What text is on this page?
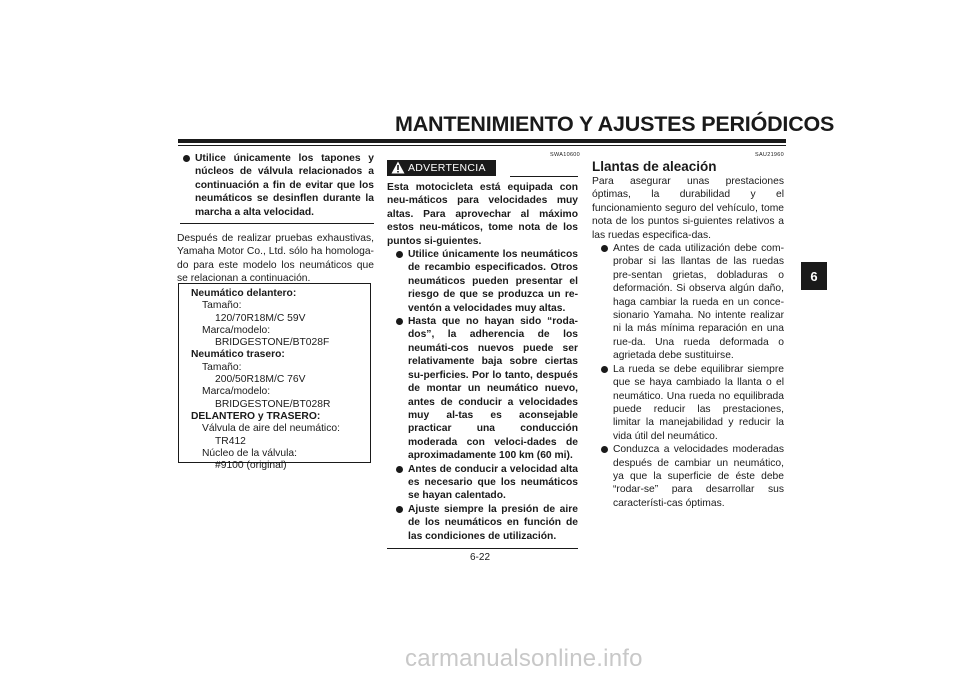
MANTENIMIENTO Y AJUSTES PERIÓDICOS

Utilice únicamente los tapones y núcleos de válvula relacionados a continuación a fin de evitar que los neumáticos se desinflen durante la marcha a alta velocidad.

Después de realizar pruebas exhaustivas, Yamaha Motor Co., Ltd. sólo ha homologa-do para este modelo los neumáticos que se relacionan a continuación.

Neumático delantero:
Tamaño:
120/70R18M/C 59V
Marca/modelo:
BRIDGESTONE/BT028F
Neumático trasero:
Tamaño:
200/50R18M/C 76V
Marca/modelo:
BRIDGESTONE/BT028R
DELANTERO y TRASERO:
Válvula de aire del neumático:
TR412
Núcleo de la válvula:
#9100 (original)
SWA10600
ADVERTENCIA

Esta motocicleta está equipada con neu-máticos para velocidades muy altas. Para aprovechar al máximo estos neu-máticos, tome nota de los puntos si-guientes.

Utilice únicamente los neumáticos de recambio especificados. Otros neumáticos pueden presentar el riesgo de que se produzca un re-ventón a velocidades muy altas.

Hasta que no hayan sido “roda-dos”, la adherencia de los neumáti-cos nuevos puede ser relativamente baja sobre ciertas su-perficies. Por lo tanto, después de montar un neumático nuevo, antes de conducir a velocidades muy al-tas es aconsejable practicar una conducción moderada con veloci-dades de aproximadamente 100 km (60 mi).

Antes de conducir a velocidad alta es necesario que los neumáticos se hayan calentado.

Ajuste siempre la presión de aire de los neumáticos en función de las condiciones de utilización.

SAU21960
Llantas de aleación

Para asegurar unas prestaciones óptimas, la durabilidad y el funcionamiento seguro del vehículo, tome nota de los puntos si-guientes relativos a las ruedas especifica-das.

Antes de cada utilización debe com-probar si las llantas de las ruedas pre-sentan grietas, dobladuras o deformación. Si observa algún daño, haga cambiar la rueda en un conce-sionario Yamaha. No intente realizar ni la más mínima reparación en una rue-da. Una rueda deformada o agrietada debe sustituirse.

La rueda se debe equilibrar siempre que se haya cambiado la llanta o el neumático. Una rueda no equilibrada puede reducir las prestaciones, limitar la manejabilidad y reducir la vida útil del neumático.

Conduzca a velocidades moderadas después de cambiar un neumático, ya que la superficie de éste debe “rodar-se” para desarrollar sus característi-cas óptimas.

6
6-22
carmanualsonline.info
